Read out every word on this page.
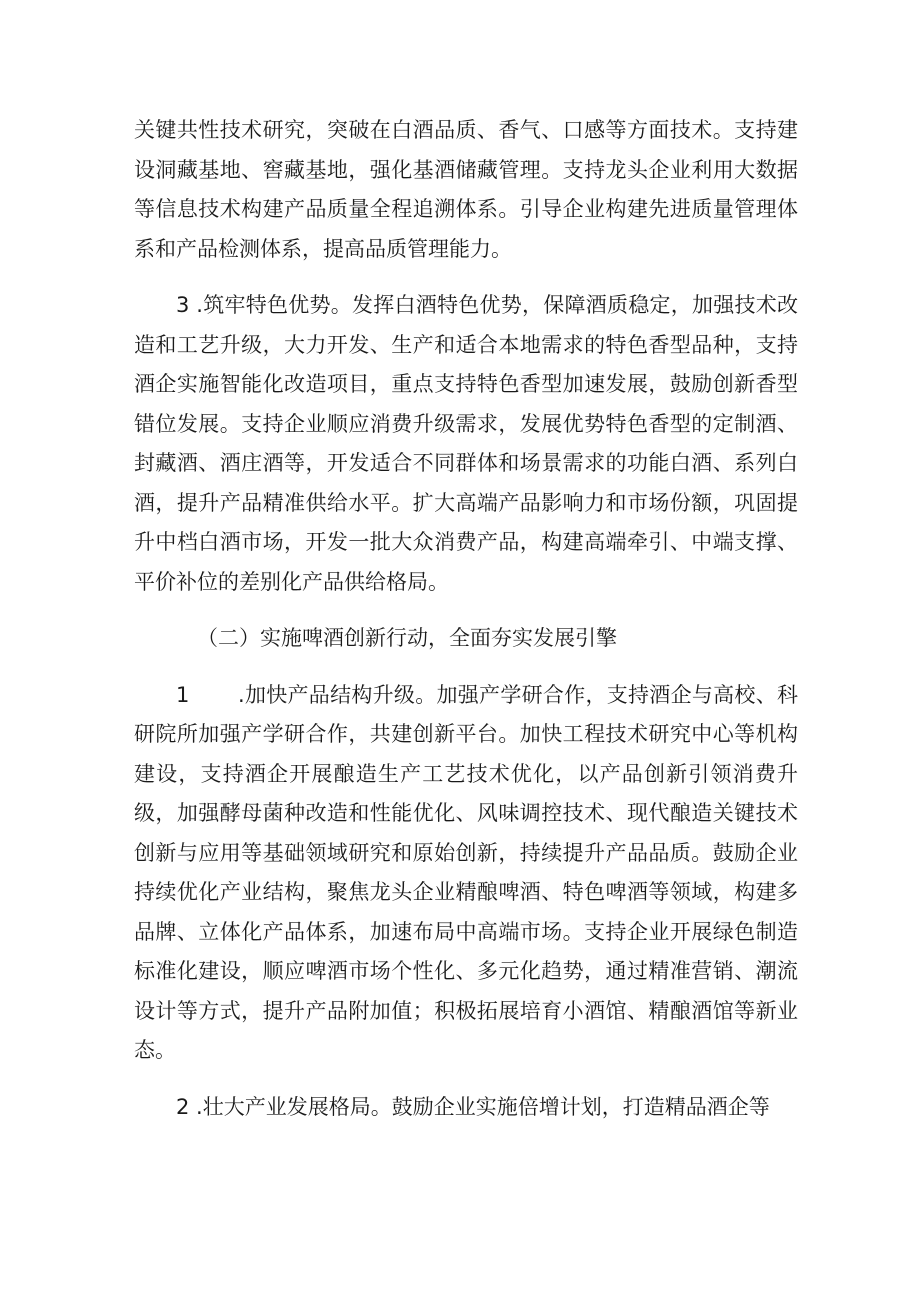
关键共性技术研究，突破在白酒品质、香气、口感等方面技术。支持建设洞藏基地、窖藏基地，强化基酒储藏管理。支持龙头企业利用大数据等信息技术构建产品质量全程追溯体系。引导企业构建先进质量管理体系和产品检测体系，提高品质管理能力。

3 .筑牢特色优势。发挥白酒特色优势，保障酒质稳定，加强技术改造和工艺升级，大力开发、生产和适合本地需求的特色香型品种，支持酒企实施智能化改造项目，重点支持特色香型加速发展，鼓励创新香型错位发展。支持企业顺应消费升级需求，发展优势特色香型的定制酒、封藏酒、酒庄酒等，开发适合不同群体和场景需求的功能白酒、系列白酒，提升产品精准供给水平。扩大高端产品影响力和市场份额，巩固提升中档白酒市场，开发一批大众消费产品，构建高端牵引、中端支撑、平价补位的差别化产品供给格局。

（二）实施啤酒创新行动，全面夯实发展引擎

1 .加快产品结构升级。加强产学研合作，支持酒企与高校、科研院所加强产学研合作，共建创新平台。加快工程技术研究中心等机构建设，支持酒企开展酿造生产工艺技术优化，以产品创新引领消费升级，加强酵母菌种改造和性能优化、风味调控技术、现代酿造关键技术创新与应用等基础领域研究和原始创新，持续提升产品品质。鼓励企业持续优化产业结构，聚焦龙头企业精酿啤酒、特色啤酒等领域，构建多品牌、立体化产品体系，加速布局中高端市场。支持企业开展绿色制造标准化建设，顺应啤酒市场个性化、多元化趋势，通过精准营销、潮流设计等方式，提升产品附加值；积极拓展培育小酒馆、精酿酒馆等新业态。

2 .壮大产业发展格局。鼓励企业实施倍增计划，打造精品酒企等
